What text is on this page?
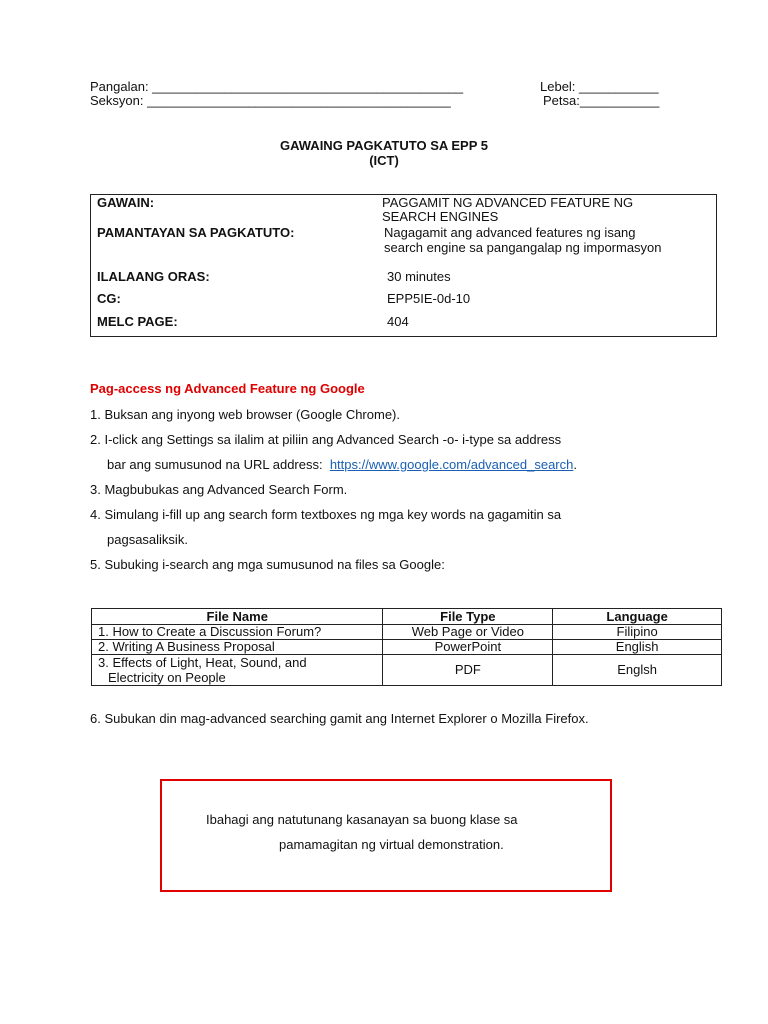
Pangalan: ___________________________________________	Lebel: ___________
Seksyon: __________________________________________	Petsa:___________
GAWAING PAGKATUTO SA EPP 5
(ICT)
GAWAIN:	PAGGAMIT NG ADVANCED FEATURE NG
SEARCH ENGINES
PAMANTAYAN SA PAGKATUTO:	Nagagamit ang advanced features ng isang
search engine sa pangangalap ng impormasyon
ILALAANG ORAS:	30 minutes
CG:	EPP5IE-0d-10
MELC PAGE:	404
Pag-access ng Advanced Feature ng Google
1. Buksan ang inyong web browser (Google Chrome).
2. I-click ang Settings sa ilalim at piliin ang Advanced Search -o- i-type sa address
bar ang sumusunod na URL address:  https://www.google.com/advanced_search.
3. Magbubukas ang Advanced Search Form.
4. Simulang i-fill up ang search form textboxes ng mga key words na gagamitin sa
pagsasaliksik.
5. Subuking i-search ang mga sumusunod na files sa Google:
File Name	File Type	Language
1. How to Create a Discussion Forum?	Web Page or Video	Filipino
2. Writing A Business Proposal	PowerPoint	English

3. Effects of Light, Heat, Sound, and
Electricity on People	PDF	Englsh
6. Subukan din mag-advanced searching gamit ang Internet Explorer o Mozilla Firefox.
Ibahagi ang natutunang kasanayan sa buong klase sa
pamamagitan ng virtual demonstration.
